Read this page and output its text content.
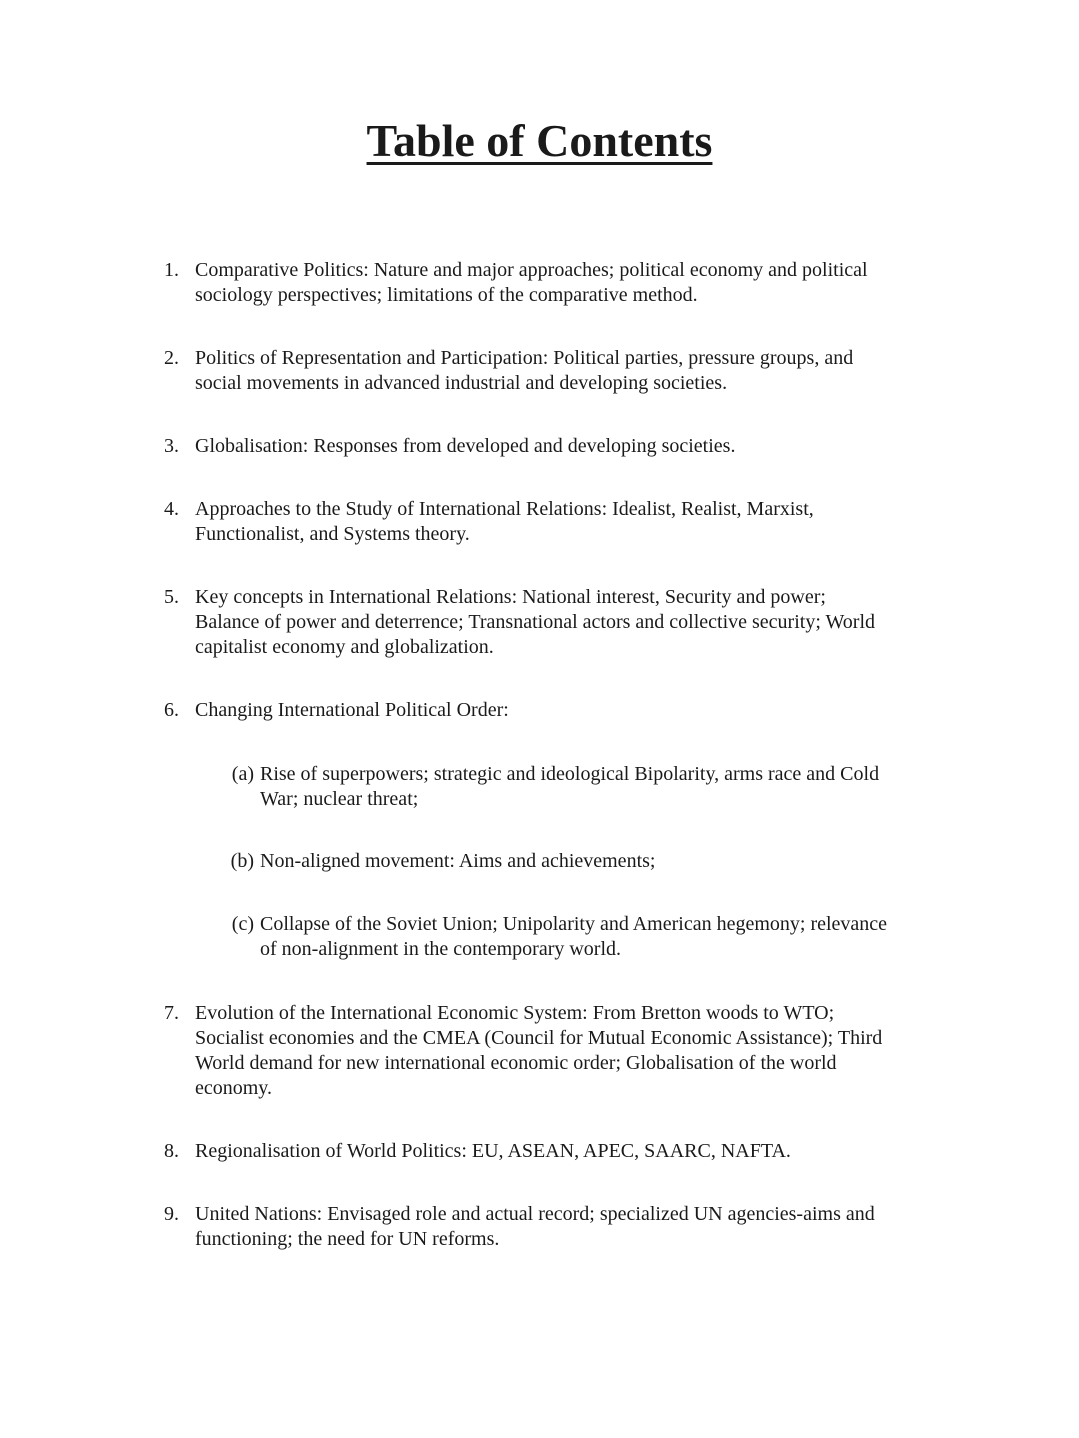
Table of Contents
1. Comparative Politics: Nature and major approaches; political economy and political
sociology perspectives; limitations of the comparative method.
2. Politics of Representation and Participation: Political parties, pressure groups, and
social movements in advanced industrial and developing societies.
3. Globalisation: Responses from developed and developing societies.
4. Approaches to the Study of International Relations: Idealist, Realist, Marxist,
Functionalist, and Systems theory.
5. Key concepts in International Relations: National interest, Security and power;
Balance of power and deterrence; Transnational actors and collective security; World
capitalist economy and globalization.
6. Changing International Political Order:
(a) Rise of superpowers; strategic and ideological Bipolarity, arms race and Cold
War; nuclear threat;
(b) Non-aligned movement: Aims and achievements;
(c) Collapse of the Soviet Union; Unipolarity and American hegemony; relevance
of non-alignment in the contemporary world.
7. Evolution of the International Economic System: From Bretton woods to WTO;
Socialist economies and the CMEA (Council for Mutual Economic Assistance); Third
World demand for new international economic order; Globalisation of the world
economy.
8. Regionalisation of World Politics: EU, ASEAN, APEC, SAARC, NAFTA.
9. United Nations: Envisaged role and actual record; specialized UN agencies-aims and
functioning; the need for UN reforms.
